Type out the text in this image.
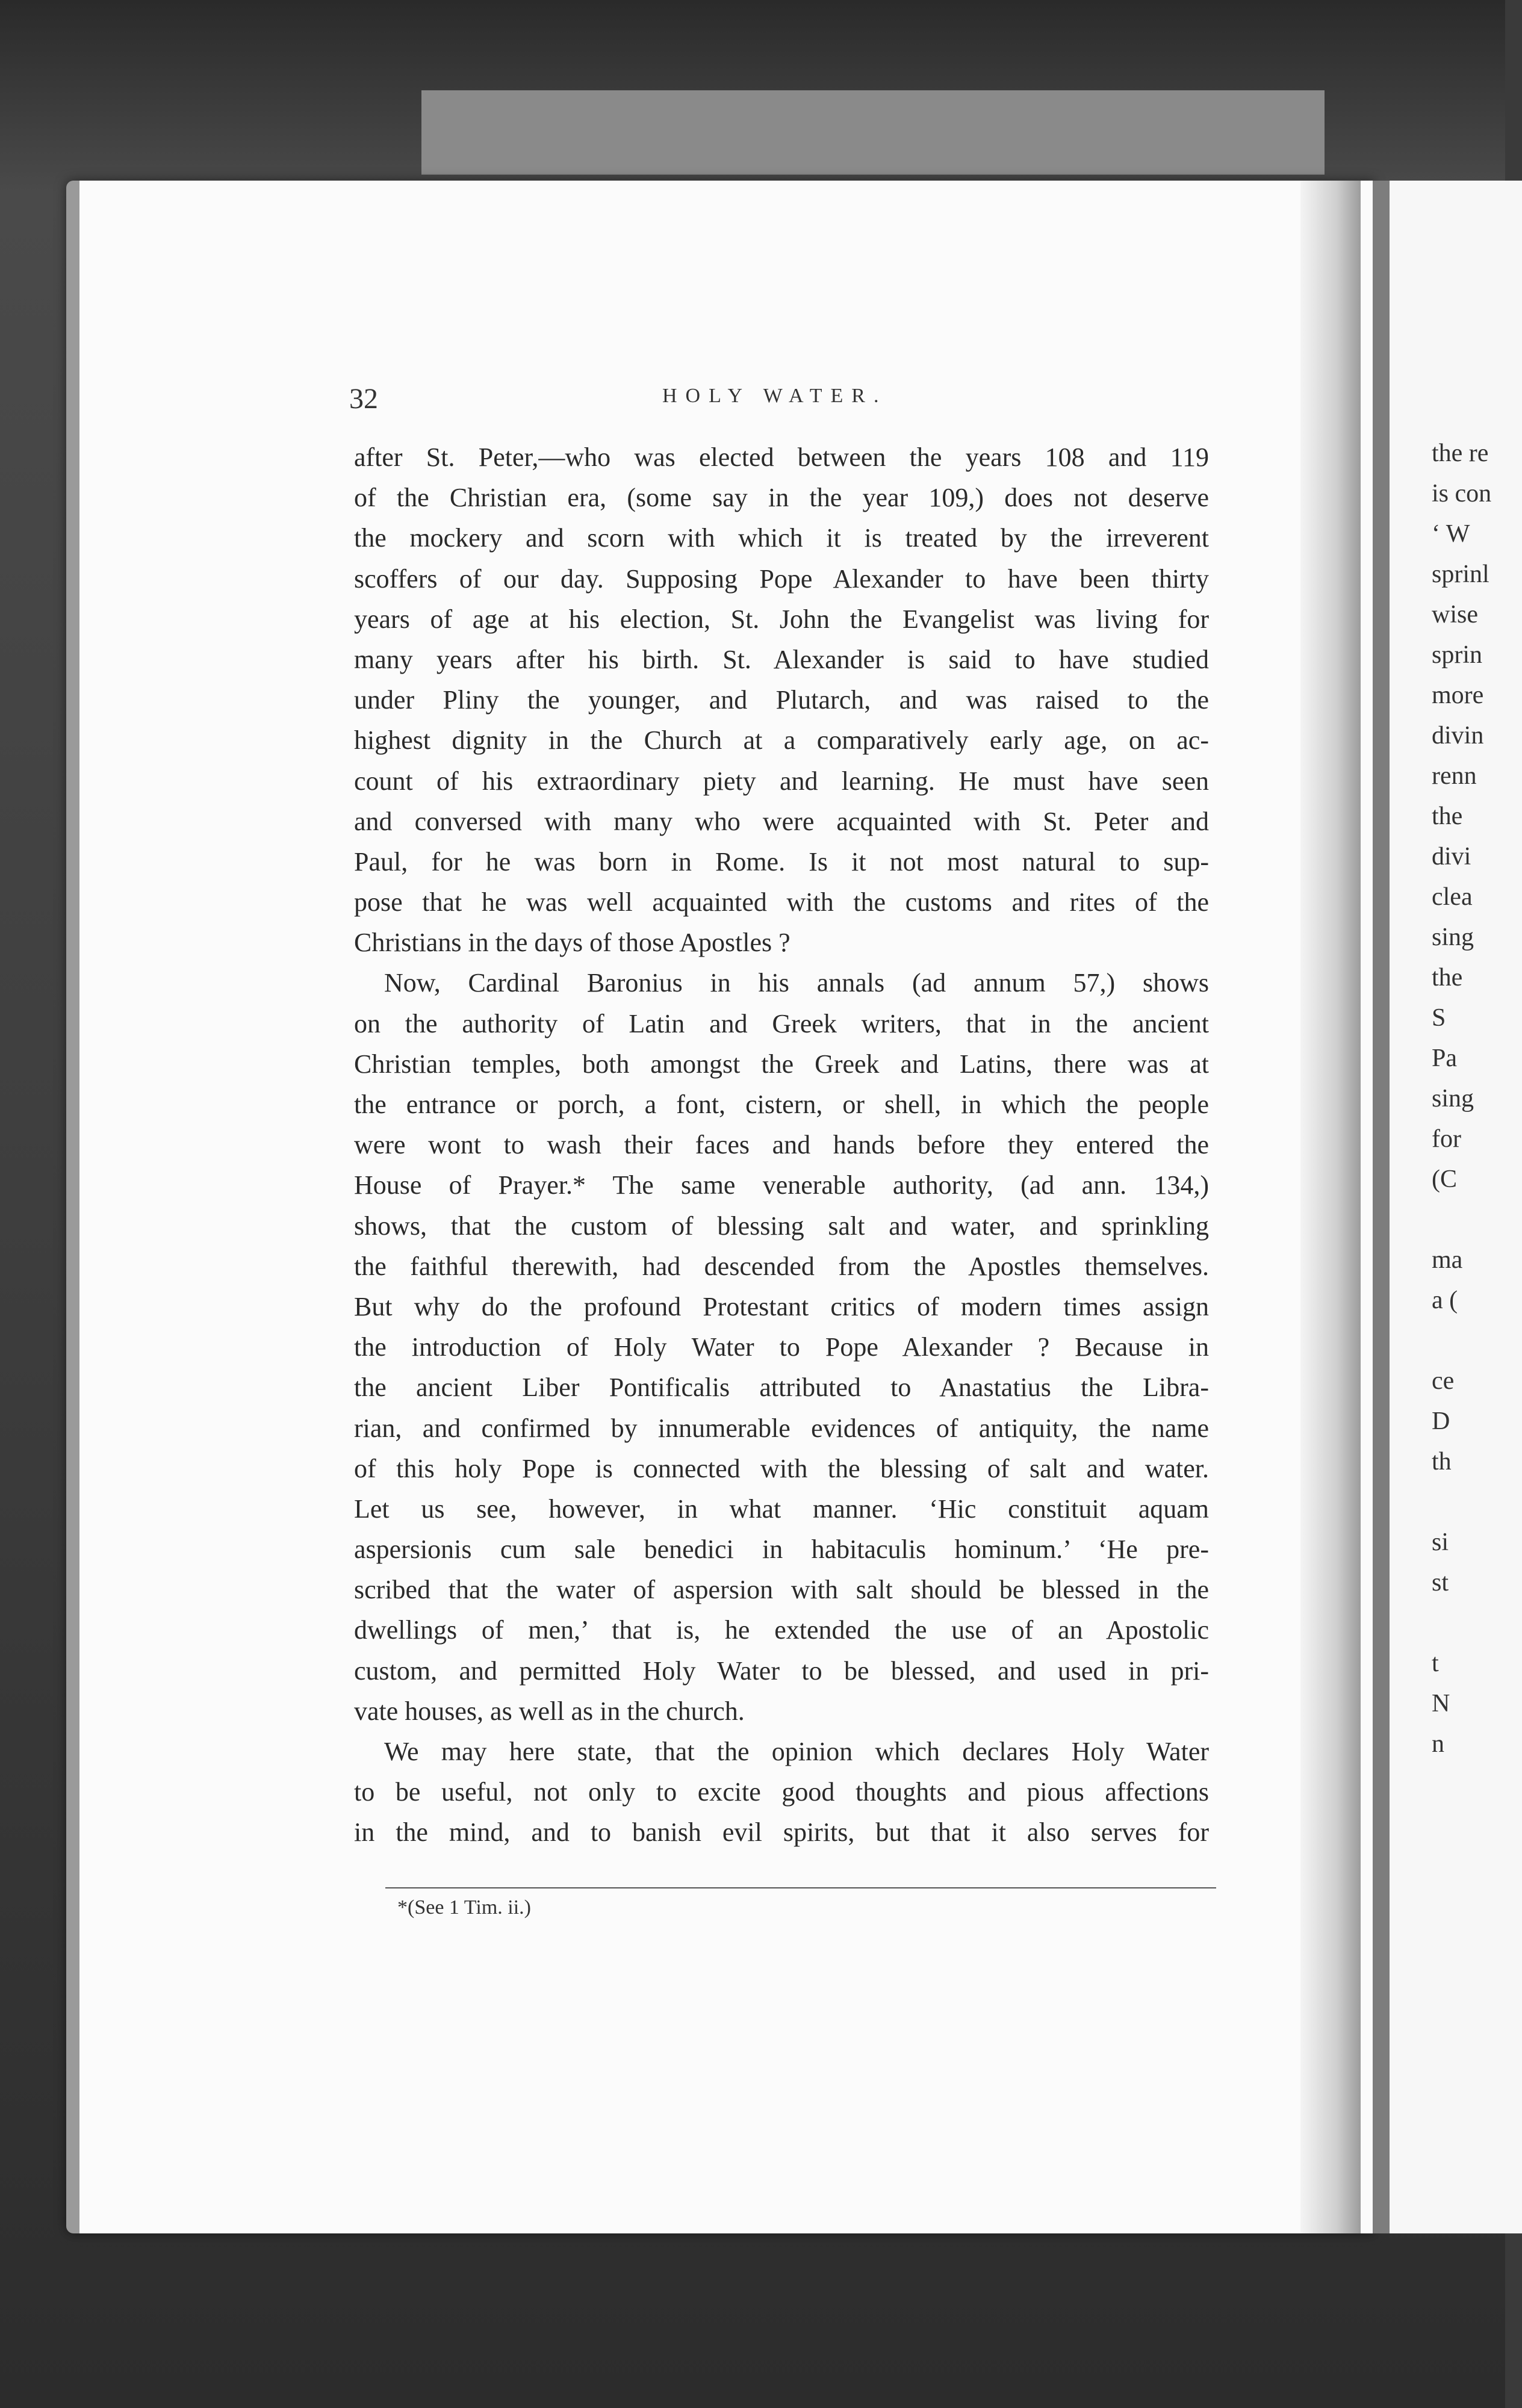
32	HOLY WATER.
after St. Peter,—who was elected between the years 108 and 119
of the Christian era, (some say in the year 109,) does not deserve
the mockery and scorn with which it is treated by the irreverent
scoffers of our day. Supposing Pope Alexander to have been thirty
years of age at his election, St. John the Evangelist was living for
many years after his birth. St. Alexander is said to have studied
under Pliny the younger, and Plutarch, and was raised to the
highest dignity in the Church at a comparatively early age, on ac-
count of his extraordinary piety and learning. He must have seen
and conversed with many who were acquainted with St. Peter and
Paul, for he was born in Rome. Is it not most natural to sup-
pose that he was well acquainted with the customs and rites of the
Christians in the days of those Apostles ?
Now, Cardinal Baronius in his annals (ad annum 57,) shows
on the authority of Latin and Greek writers, that in the ancient
Christian temples, both amongst the Greek and Latins, there was at
the entrance or porch, a font, cistern, or shell, in which the people
were wont to wash their faces and hands before they entered the
House of Prayer.* The same venerable authority, (ad ann. 134,)
shows, that the custom of blessing salt and water, and sprinkling
the faithful therewith, had descended from the Apostles themselves.
But why do the profound Protestant critics of modern times assign
the introduction of Holy Water to Pope Alexander ? Because in
the ancient Liber Pontificalis attributed to Anastatius the Libra-
rian, and confirmed by innumerable evidences of antiquity, the name
of this holy Pope is connected with the blessing of salt and water.
Let us see, however, in what manner. ‘Hic constituit aquam
aspersionis cum sale benedici in habitaculis hominum.’ ‘He pre-
scribed that the water of aspersion with salt should be blessed in the
dwellings of men,’ that is, he extended the use of an Apostolic
custom, and permitted Holy Water to be blessed, and used in pri-
vate houses, as well as in the church.
We may here state, that the opinion which declares Holy Water
to be useful, not only to excite good thoughts and pious affections
in the mind, and to banish evil spirits, but that it also serves for
*(See 1 Tim. ii.)
the re
is con
‘ W
sprinl
wise
sprin
more
divin
renn
the
divi
clea
sing
the
S
Pa
sing
for
(C
ma
a (
ce
D
th
si
st
t
N
n
